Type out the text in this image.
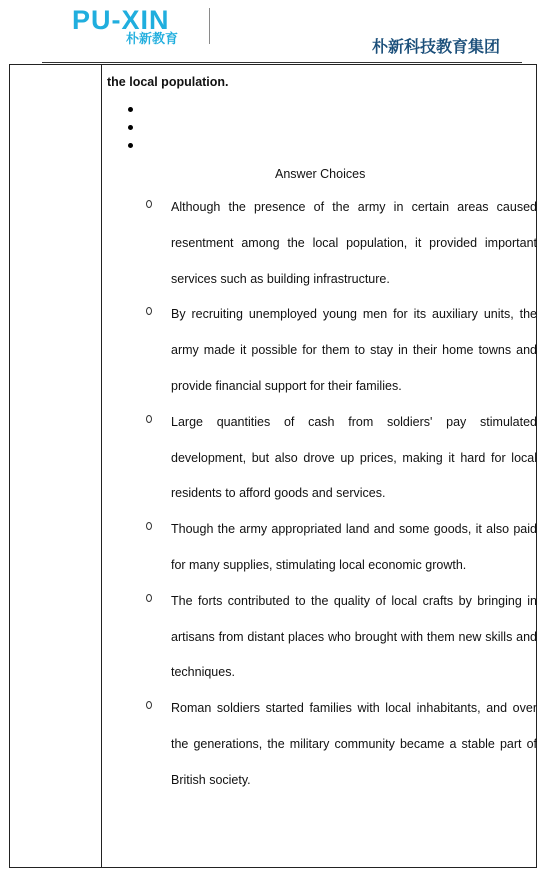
PU-XIN
朴新教育	朴新科技教育集团
the local population.
Answer Choices
Although the presence of the army in certain areas caused resentment among the local population, it provided important services such as building infrastructure.
By recruiting unemployed young men for its auxiliary units, the army made it possible for them to stay in their home towns and provide financial support for their families.
Large quantities of cash from soldiers' pay stimulated development, but also drove up prices, making it hard for local residents to afford goods and services.
Though the army appropriated land and some goods, it also paid for many supplies, stimulating local economic growth.
The forts contributed to the quality of local crafts by bringing in artisans from distant places who brought with them new skills and techniques.
Roman soldiers started families with local inhabitants, and over the generations, the military community became a stable part of British society.
